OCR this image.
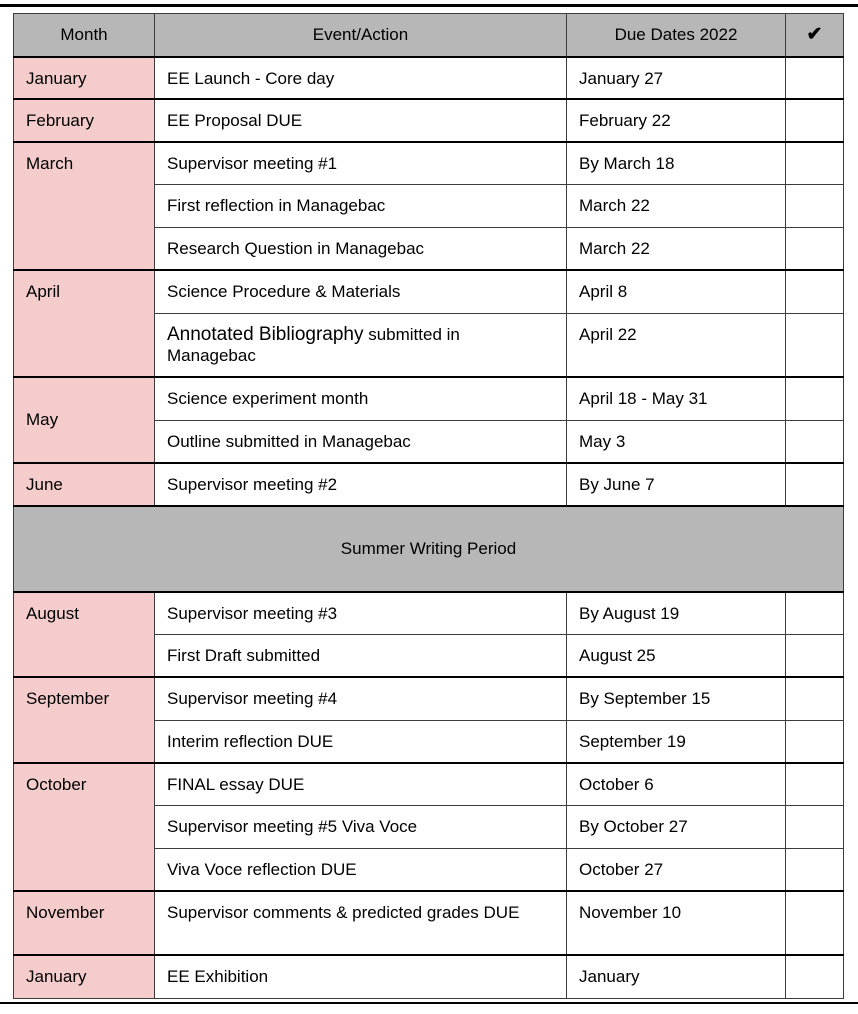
Month	Event/Action	Due Dates 2022	✔
January	EE Launch - Core day	January 27	
February	EE Proposal DUE	February 22	
March	Supervisor meeting #1	By March 18	
	First reflection in Managebac	March 22	
	Research Question in Managebac	March 22	
April	Science Procedure & Materials	April 8	
	Annotated Bibliography submitted in Managebac	April 22	
May	Science experiment month	April 18 - May 31	
	Outline submitted in Managebac	May 3	
June	Supervisor meeting #2	By June 7	
Summer Writing Period			
August	Supervisor meeting #3	By August 19	
	First Draft submitted	August 25	
September	Supervisor meeting #4	By September 15	
	Interim reflection DUE	September 19	
October	FINAL essay DUE	October 6	
	Supervisor meeting #5 Viva Voce	By October 27	
	Viva Voce reflection DUE	October 27	
November	Supervisor comments & predicted grades DUE	November 10	
January	EE Exhibition	January	
